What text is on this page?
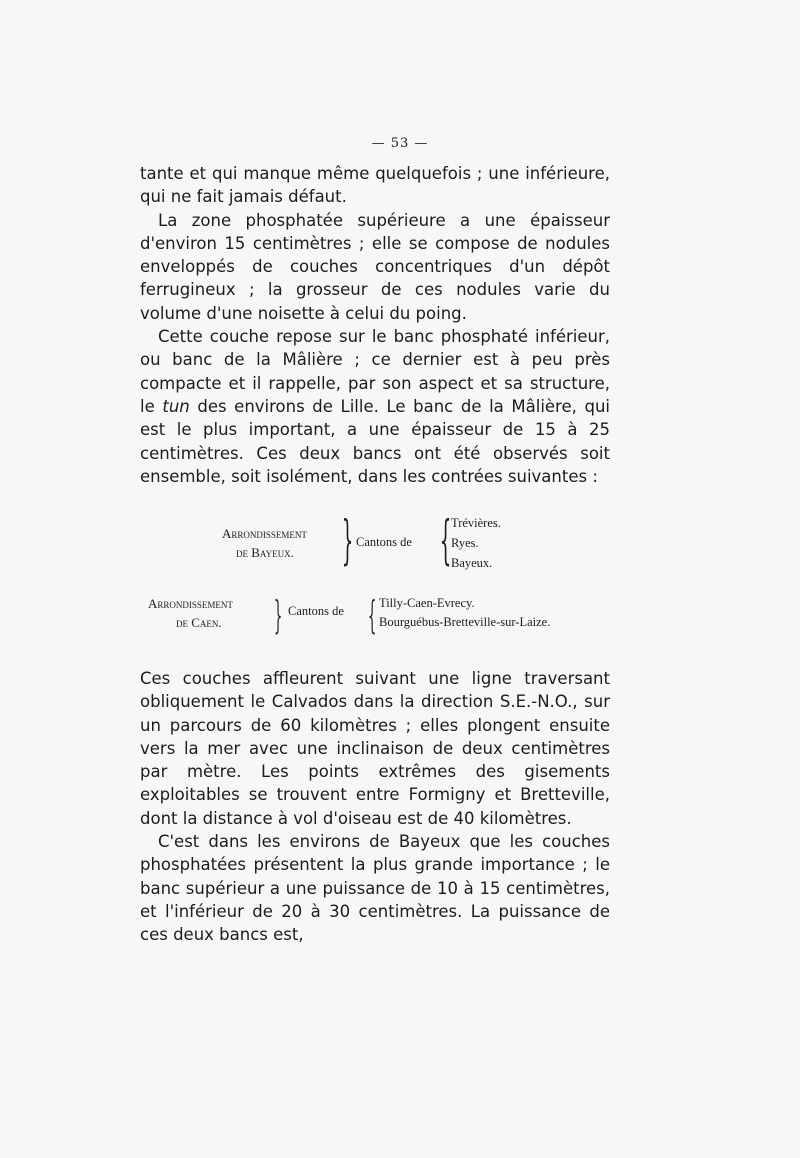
— 53 —

tante et qui manque même quelquefois ; une inférieure, qui ne fait jamais défaut.

La zone phosphatée supérieure a une épaisseur d'environ 15 centimètres ; elle se compose de nodules enveloppés de couches concentriques d'un dépôt ferrugineux ; la grosseur de ces nodules varie du volume d'une noisette à celui du poing.

Cette couche repose sur le banc phosphaté inférieur, ou banc de la Mâlière ; ce dernier est à peu près compacte et il rappelle, par son aspect et sa structure, le tun des environs de Lille. Le banc de la Mâlière, qui est le plus important, a une épaisseur de 15 à 25 centimètres. Ces deux bancs ont été observés soit ensemble, soit isolément, dans les contrées suivantes :

Arrondissement
de Bayeux. } Cantons de { Trévières.
Ryes.
Bayeux.
Arrondissement
de Caen. } Cantons de { Tilly-Caen-Evrecy.
Bourguébus-Bretteville-sur-Laize.

Ces couches affleurent suivant une ligne traversant obliquement le Calvados dans la direction S.E.-N.O., sur un parcours de 60 kilomètres ; elles plongent ensuite vers la mer avec une inclinaison de deux centimètres par mètre. Les points extrêmes des gisements exploitables se trouvent entre Formigny et Bretteville, dont la distance à vol d'oiseau est de 40 kilomètres.

C'est dans les environs de Bayeux que les couches phosphatées présentent la plus grande importance ; le banc supérieur a une puissance de 10 à 15 centimètres, et l'inférieur de 20 à 30 centimètres. La puissance de ces deux bancs est,
